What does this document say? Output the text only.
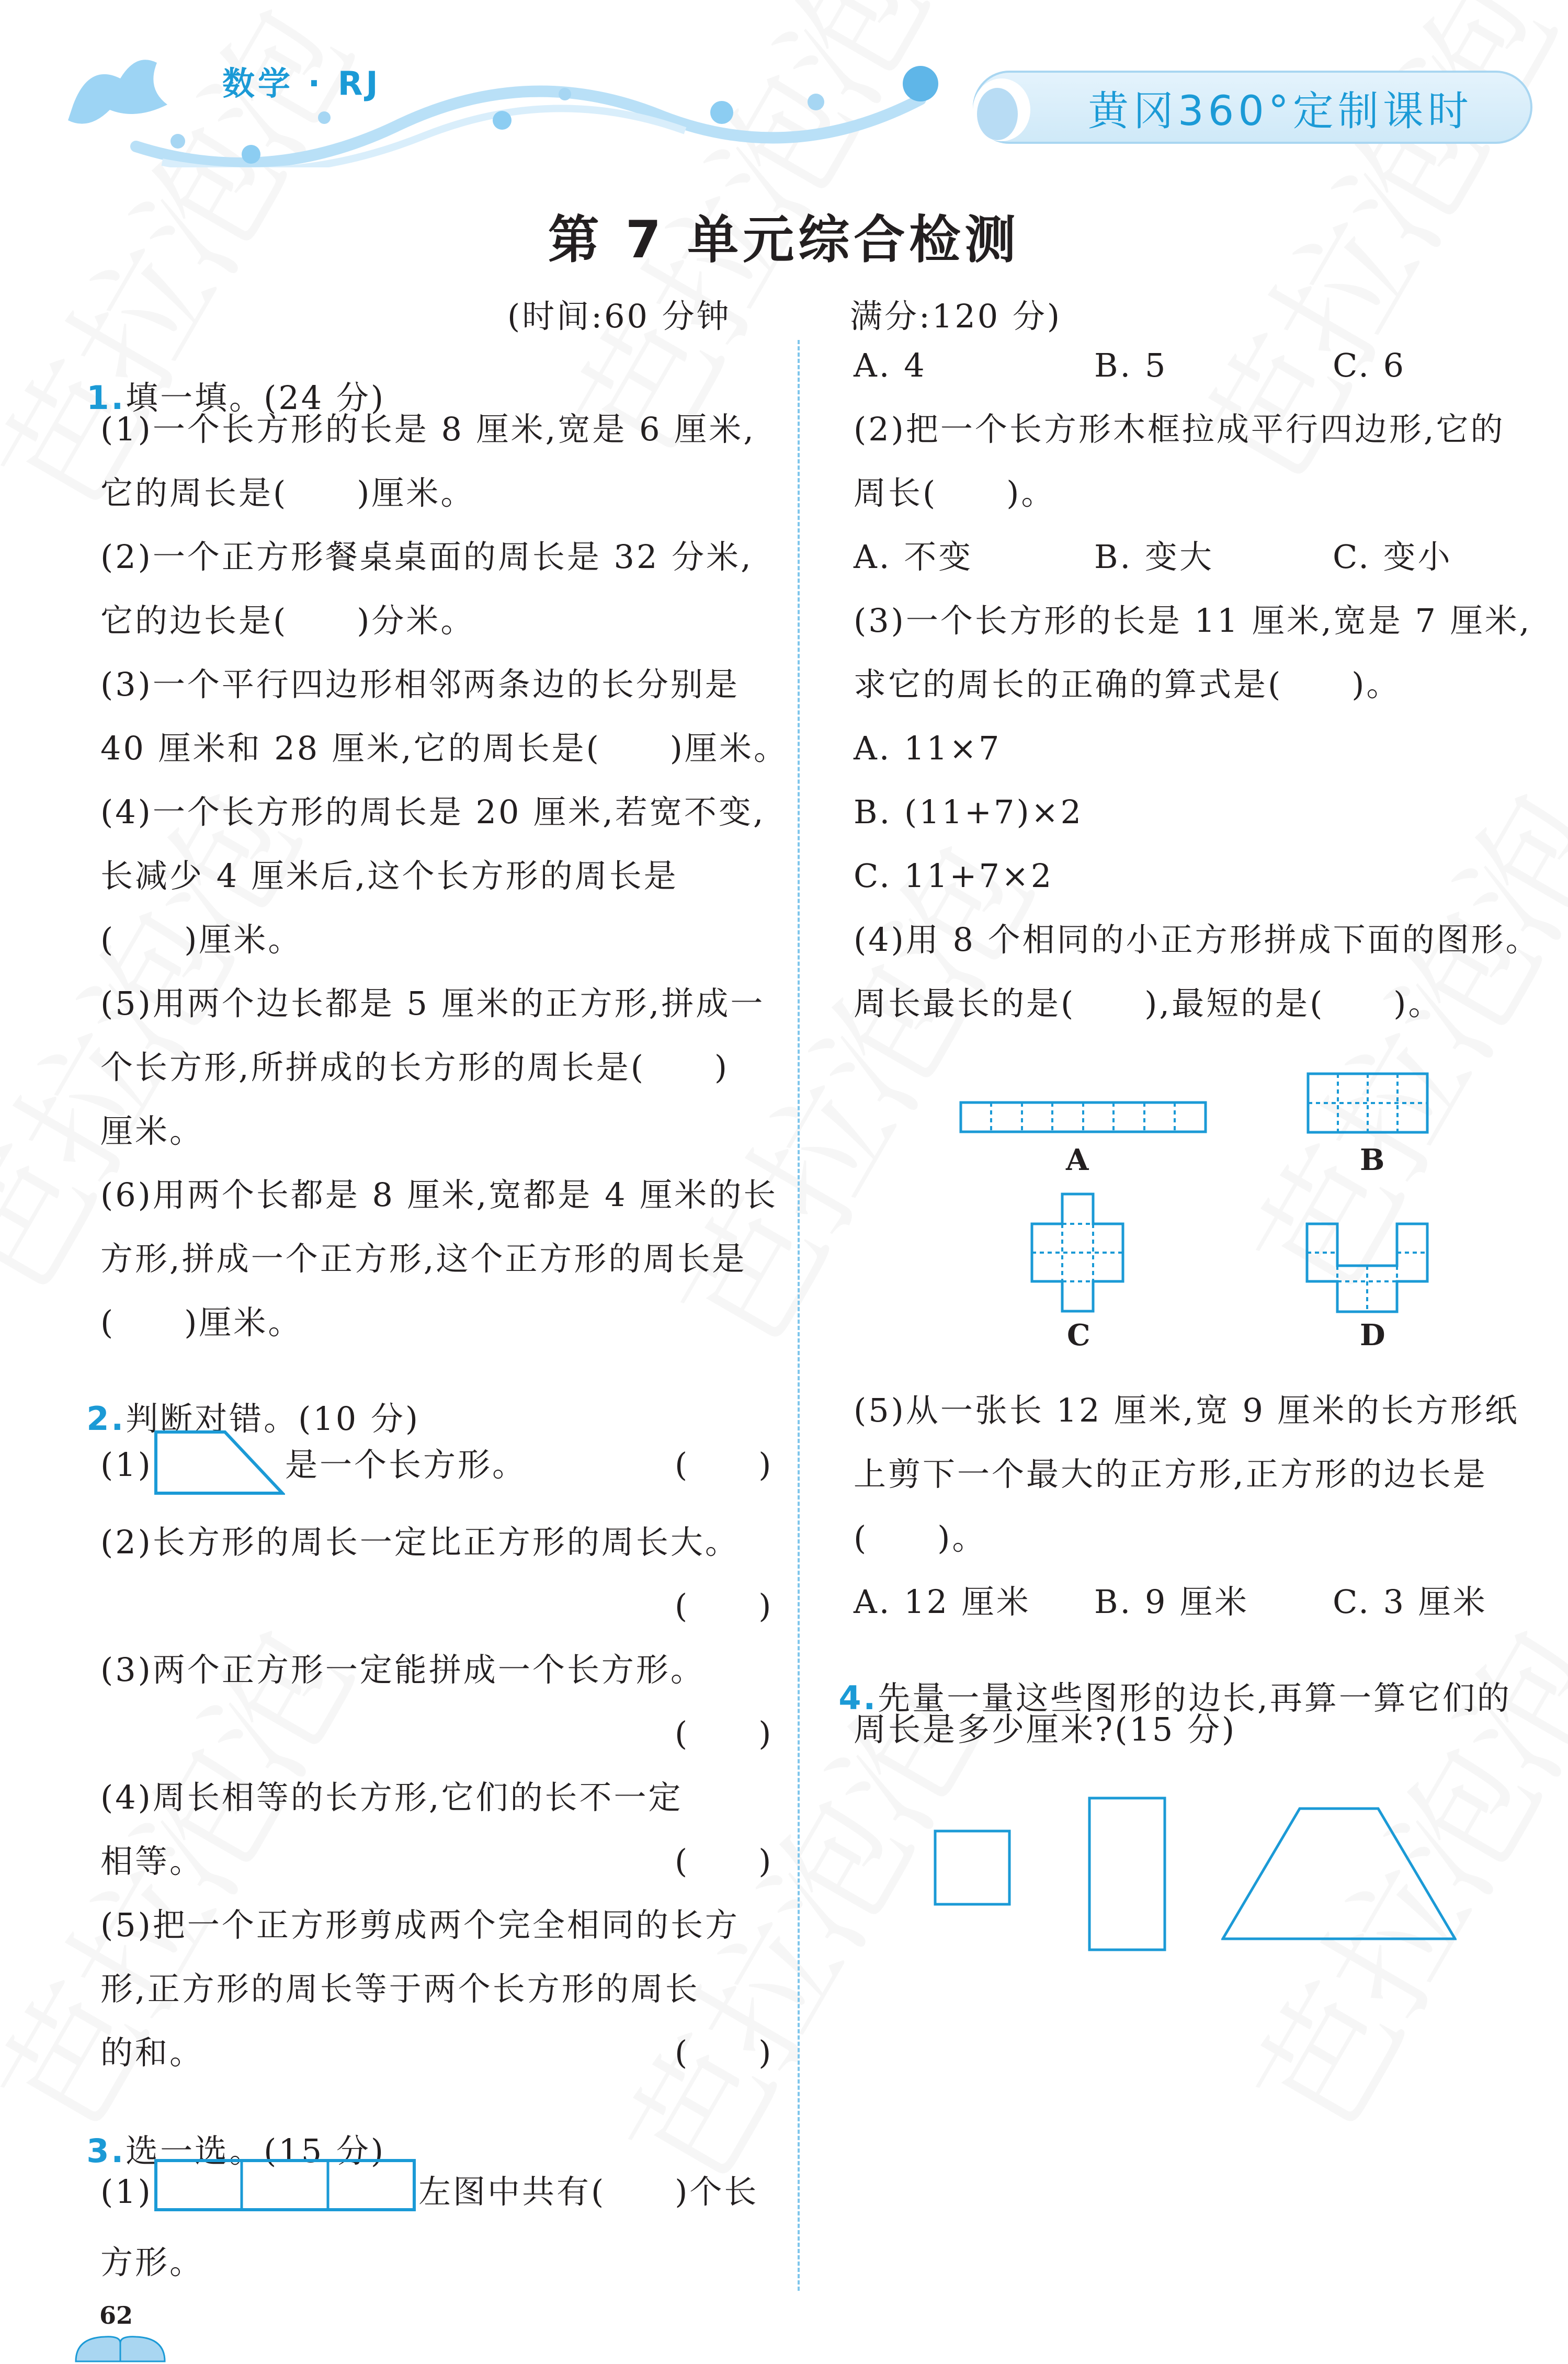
数学 · RJ
黄冈360°定制课时
第 7 单元综合检测
(时间:60 分钟	满分:120 分)

1.填一填。(24 分)

(1)一个长方形的长是 8 厘米,宽是 6 厘米,
它的周长是(　　)厘米。
(2)一个正方形餐桌桌面的周长是 32 分米,
它的边长是(　　)分米。
(3)一个平行四边形相邻两条边的长分别是
40 厘米和 28 厘米,它的周长是(　　)厘米。
(4)一个长方形的周长是 20 厘米,若宽不变,
长减少 4 厘米后,这个长方形的周长是
(　　)厘米。
(5)用两个边长都是 5 厘米的正方形,拼成一
个长方形,所拼成的长方形的周长是(　　)
厘米。
(6)用两个长都是 8 厘米,宽都是 4 厘米的长
方形,拼成一个正方形,这个正方形的周长是
(　　)厘米。

2.判断对错。(10 分)

(1)	是一个长方形。	(　　)
(2)长方形的周长一定比正方形的周长大。
(　　)
(3)两个正方形一定能拼成一个长方形。
(　　)
(4)周长相等的长方形,它们的长不一定
相等。	(　　)
(5)把一个正方形剪成两个完全相同的长方
形,正方形的周长等于两个长方形的周长
的和。	(　　)

3.选一选。(15 分)

(1)	左图中共有(　　)个长
方形。
62
A. 4	B. 5	C. 6
(2)把一个长方形木框拉成平行四边形,它的
周长(　　)。
A. 不变	B. 变大	C. 变小
(3)一个长方形的长是 11 厘米,宽是 7 厘米,
求它的周长的正确的算式是(　　)。
A. 11×7
B. (11+7)×2
C. 11+7×2
(4)用 8 个相同的小正方形拼成下面的图形。
周长最长的是(　　),最短的是(　　)。
A	B
C	D
(5)从一张长 12 厘米,宽 9 厘米的长方形纸
上剪下一个最大的正方形,正方形的边长是
(　　)。
A. 12 厘米 B. 9 厘米	C. 3 厘米

4.先量一量这些图形的边长,再算一算它们的

周长是多少厘米?(15 分)
